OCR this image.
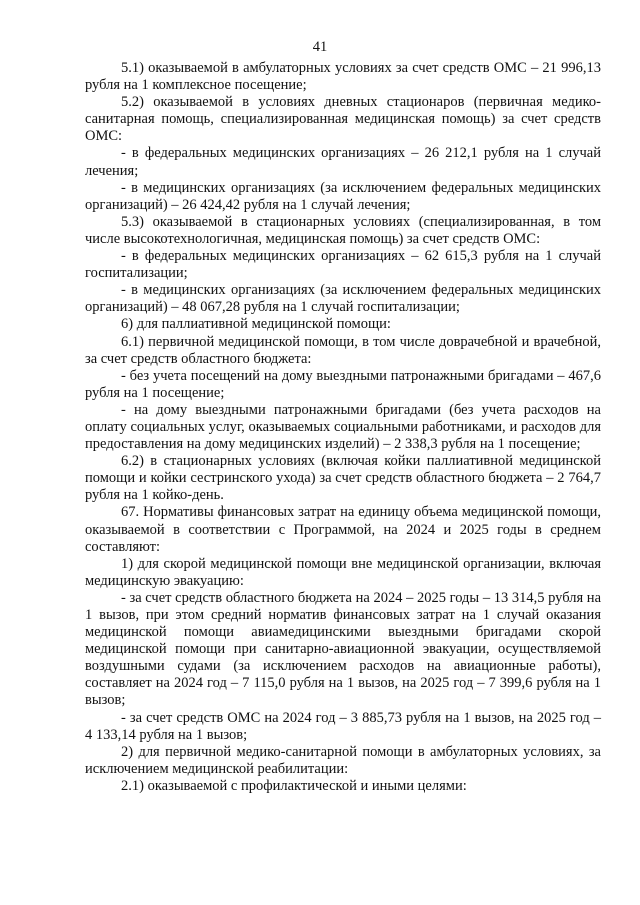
41

5.1) оказываемой в амбулаторных условиях за счет средств ОМС – 21 996,13 рубля на 1 комплексное посещение;

5.2) оказываемой в условиях дневных стационаров (первичная медико-санитарная помощь, специализированная медицинская помощь) за счет средств ОМС:

- в федеральных медицинских организациях – 26 212,1 рубля на 1 случай лечения;

- в медицинских организациях (за исключением федеральных медицинских организаций) – 26 424,42 рубля на 1 случай лечения;

5.3) оказываемой в стационарных условиях (специализированная, в том числе высокотехнологичная, медицинская помощь) за счет средств ОМС:

- в федеральных медицинских организациях – 62 615,3 рубля на 1 случай госпитализации;

- в медицинских организациях (за исключением федеральных медицинских организаций) – 48 067,28 рубля на 1 случай госпитализации;

6) для паллиативной медицинской помощи:

6.1) первичной медицинской помощи, в том числе доврачебной и врачебной, за счет средств областного бюджета:

- без учета посещений на дому выездными патронажными бригадами – 467,6 рубля на 1 посещение;

- на дому выездными патронажными бригадами (без учета расходов на оплату социальных услуг, оказываемых социальными работниками, и расходов для предоставления на дому медицинских изделий) – 2 338,3 рубля на 1 посещение;

6.2) в стационарных условиях (включая койки паллиативной медицинской помощи и койки сестринского ухода) за счет средств областного бюджета – 2 764,7 рубля на 1 койко-день.

67. Нормативы финансовых затрат на единицу объема медицинской помощи, оказываемой в соответствии с Программой, на 2024 и 2025 годы в среднем составляют:

1) для скорой медицинской помощи вне медицинской организации, включая медицинскую эвакуацию:

- за счет средств областного бюджета на 2024 – 2025 годы – 13 314,5 рубля на 1 вызов, при этом средний норматив финансовых затрат на 1 случай оказания медицинской помощи авиамедицинскими выездными бригадами скорой медицинской помощи при санитарно-авиационной эвакуации, осуществляемой воздушными судами (за исключением расходов на авиационные работы), составляет на 2024 год – 7 115,0 рубля на 1 вызов, на 2025 год – 7 399,6 рубля на 1 вызов;

- за счет средств ОМС на 2024 год – 3 885,73 рубля на 1 вызов, на 2025 год – 4 133,14 рубля на 1 вызов;

2) для первичной медико-санитарной помощи в амбулаторных условиях, за исключением медицинской реабилитации:

2.1) оказываемой с профилактической и иными целями:
